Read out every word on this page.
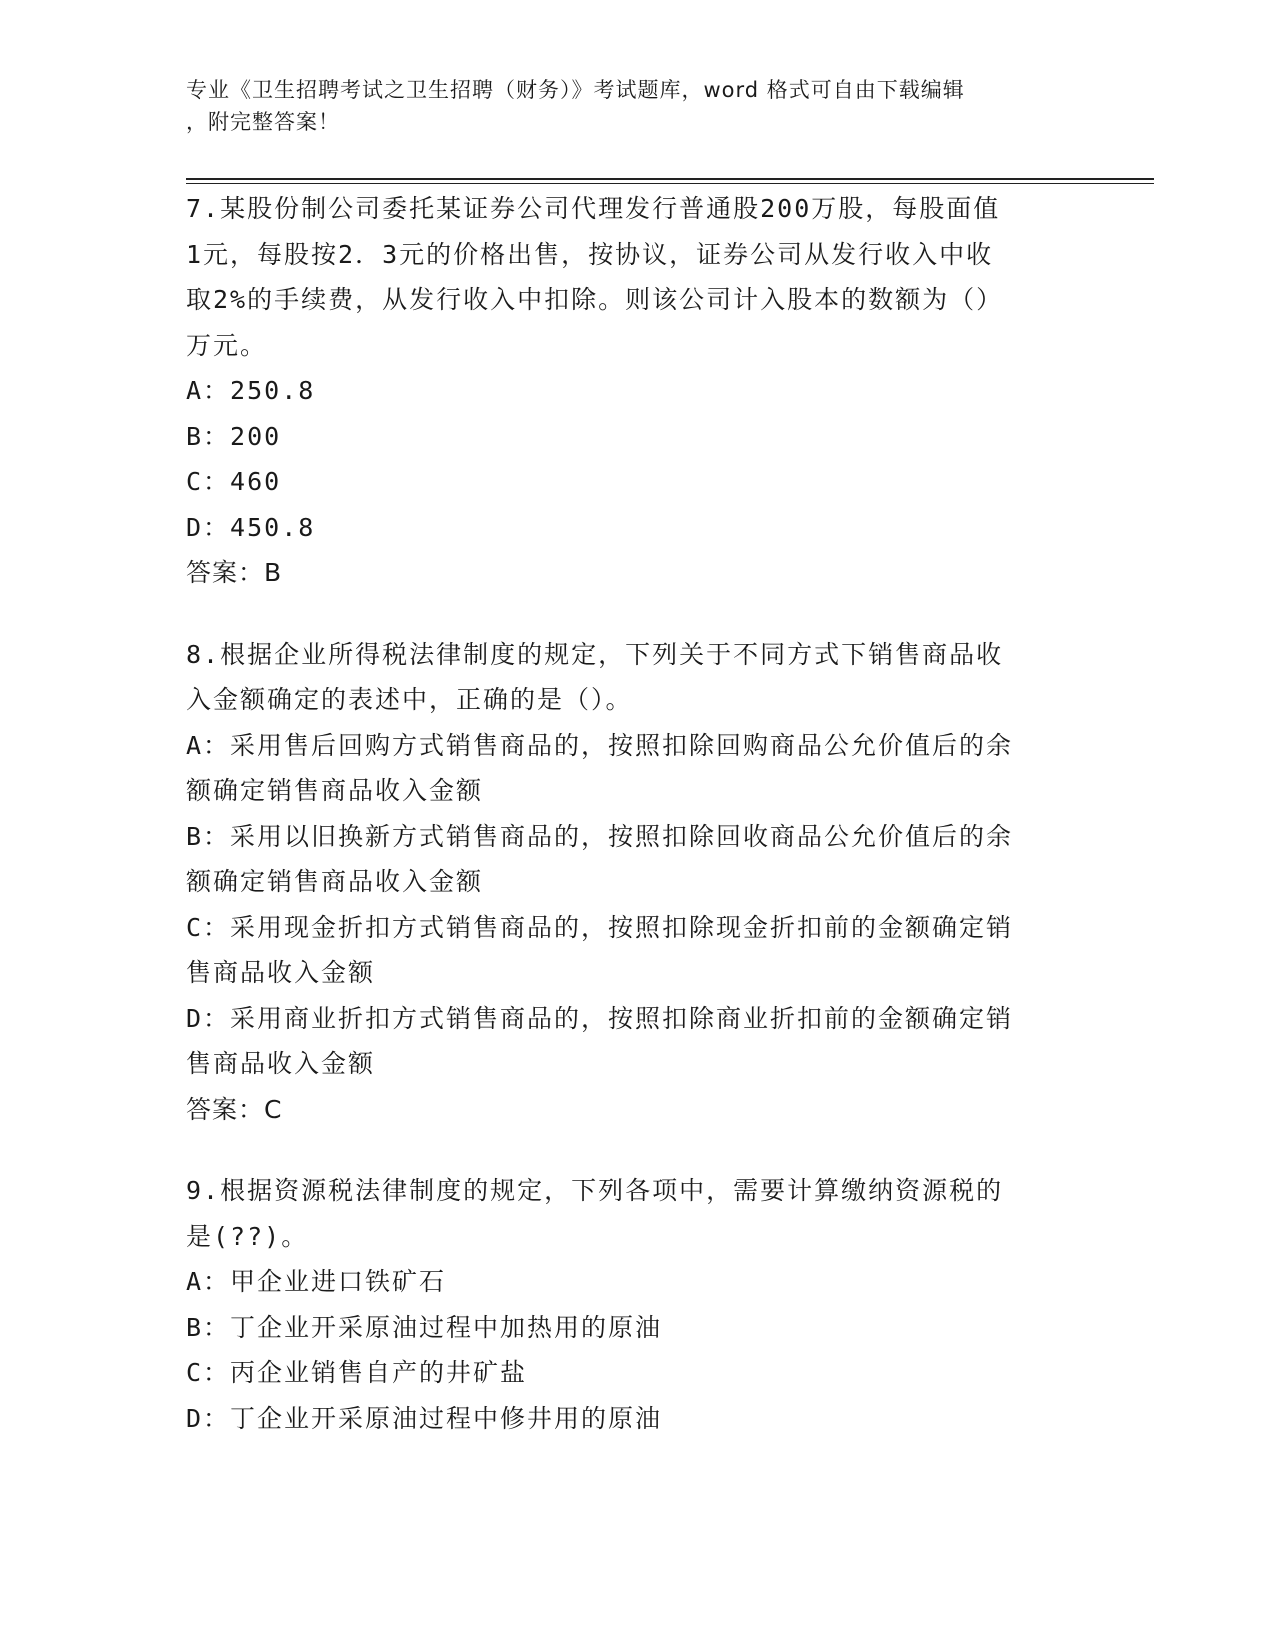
专业《卫生招聘考试之卫生招聘（财务）》考试题库，word 格式可自由下载编辑
，附完整答案！
7.某股份制公司委托某证券公司代理发行普通股200万股，每股面值
1元，每股按2．3元的价格出售，按协议，证券公司从发行收入中收
取2%的手续费，从发行收入中扣除。则该公司计入股本的数额为（）
万元。
A：250.8
B：200
C：460
D：450.8
答案：B
8.根据企业所得税法律制度的规定，下列关于不同方式下销售商品收
入金额确定的表述中，正确的是（）。
A：采用售后回购方式销售商品的，按照扣除回购商品公允价值后的余
额确定销售商品收入金额
B：采用以旧换新方式销售商品的，按照扣除回收商品公允价值后的余
额确定销售商品收入金额
C：采用现金折扣方式销售商品的，按照扣除现金折扣前的金额确定销
售商品收入金额
D：采用商业折扣方式销售商品的，按照扣除商业折扣前的金额确定销
售商品收入金额
答案：C
9.根据资源税法律制度的规定，下列各项中，需要计算缴纳资源税的
是(??)。
A：甲企业进口铁矿石
B：丁企业开采原油过程中加热用的原油
C：丙企业销售自产的井矿盐
D：丁企业开采原油过程中修井用的原油
